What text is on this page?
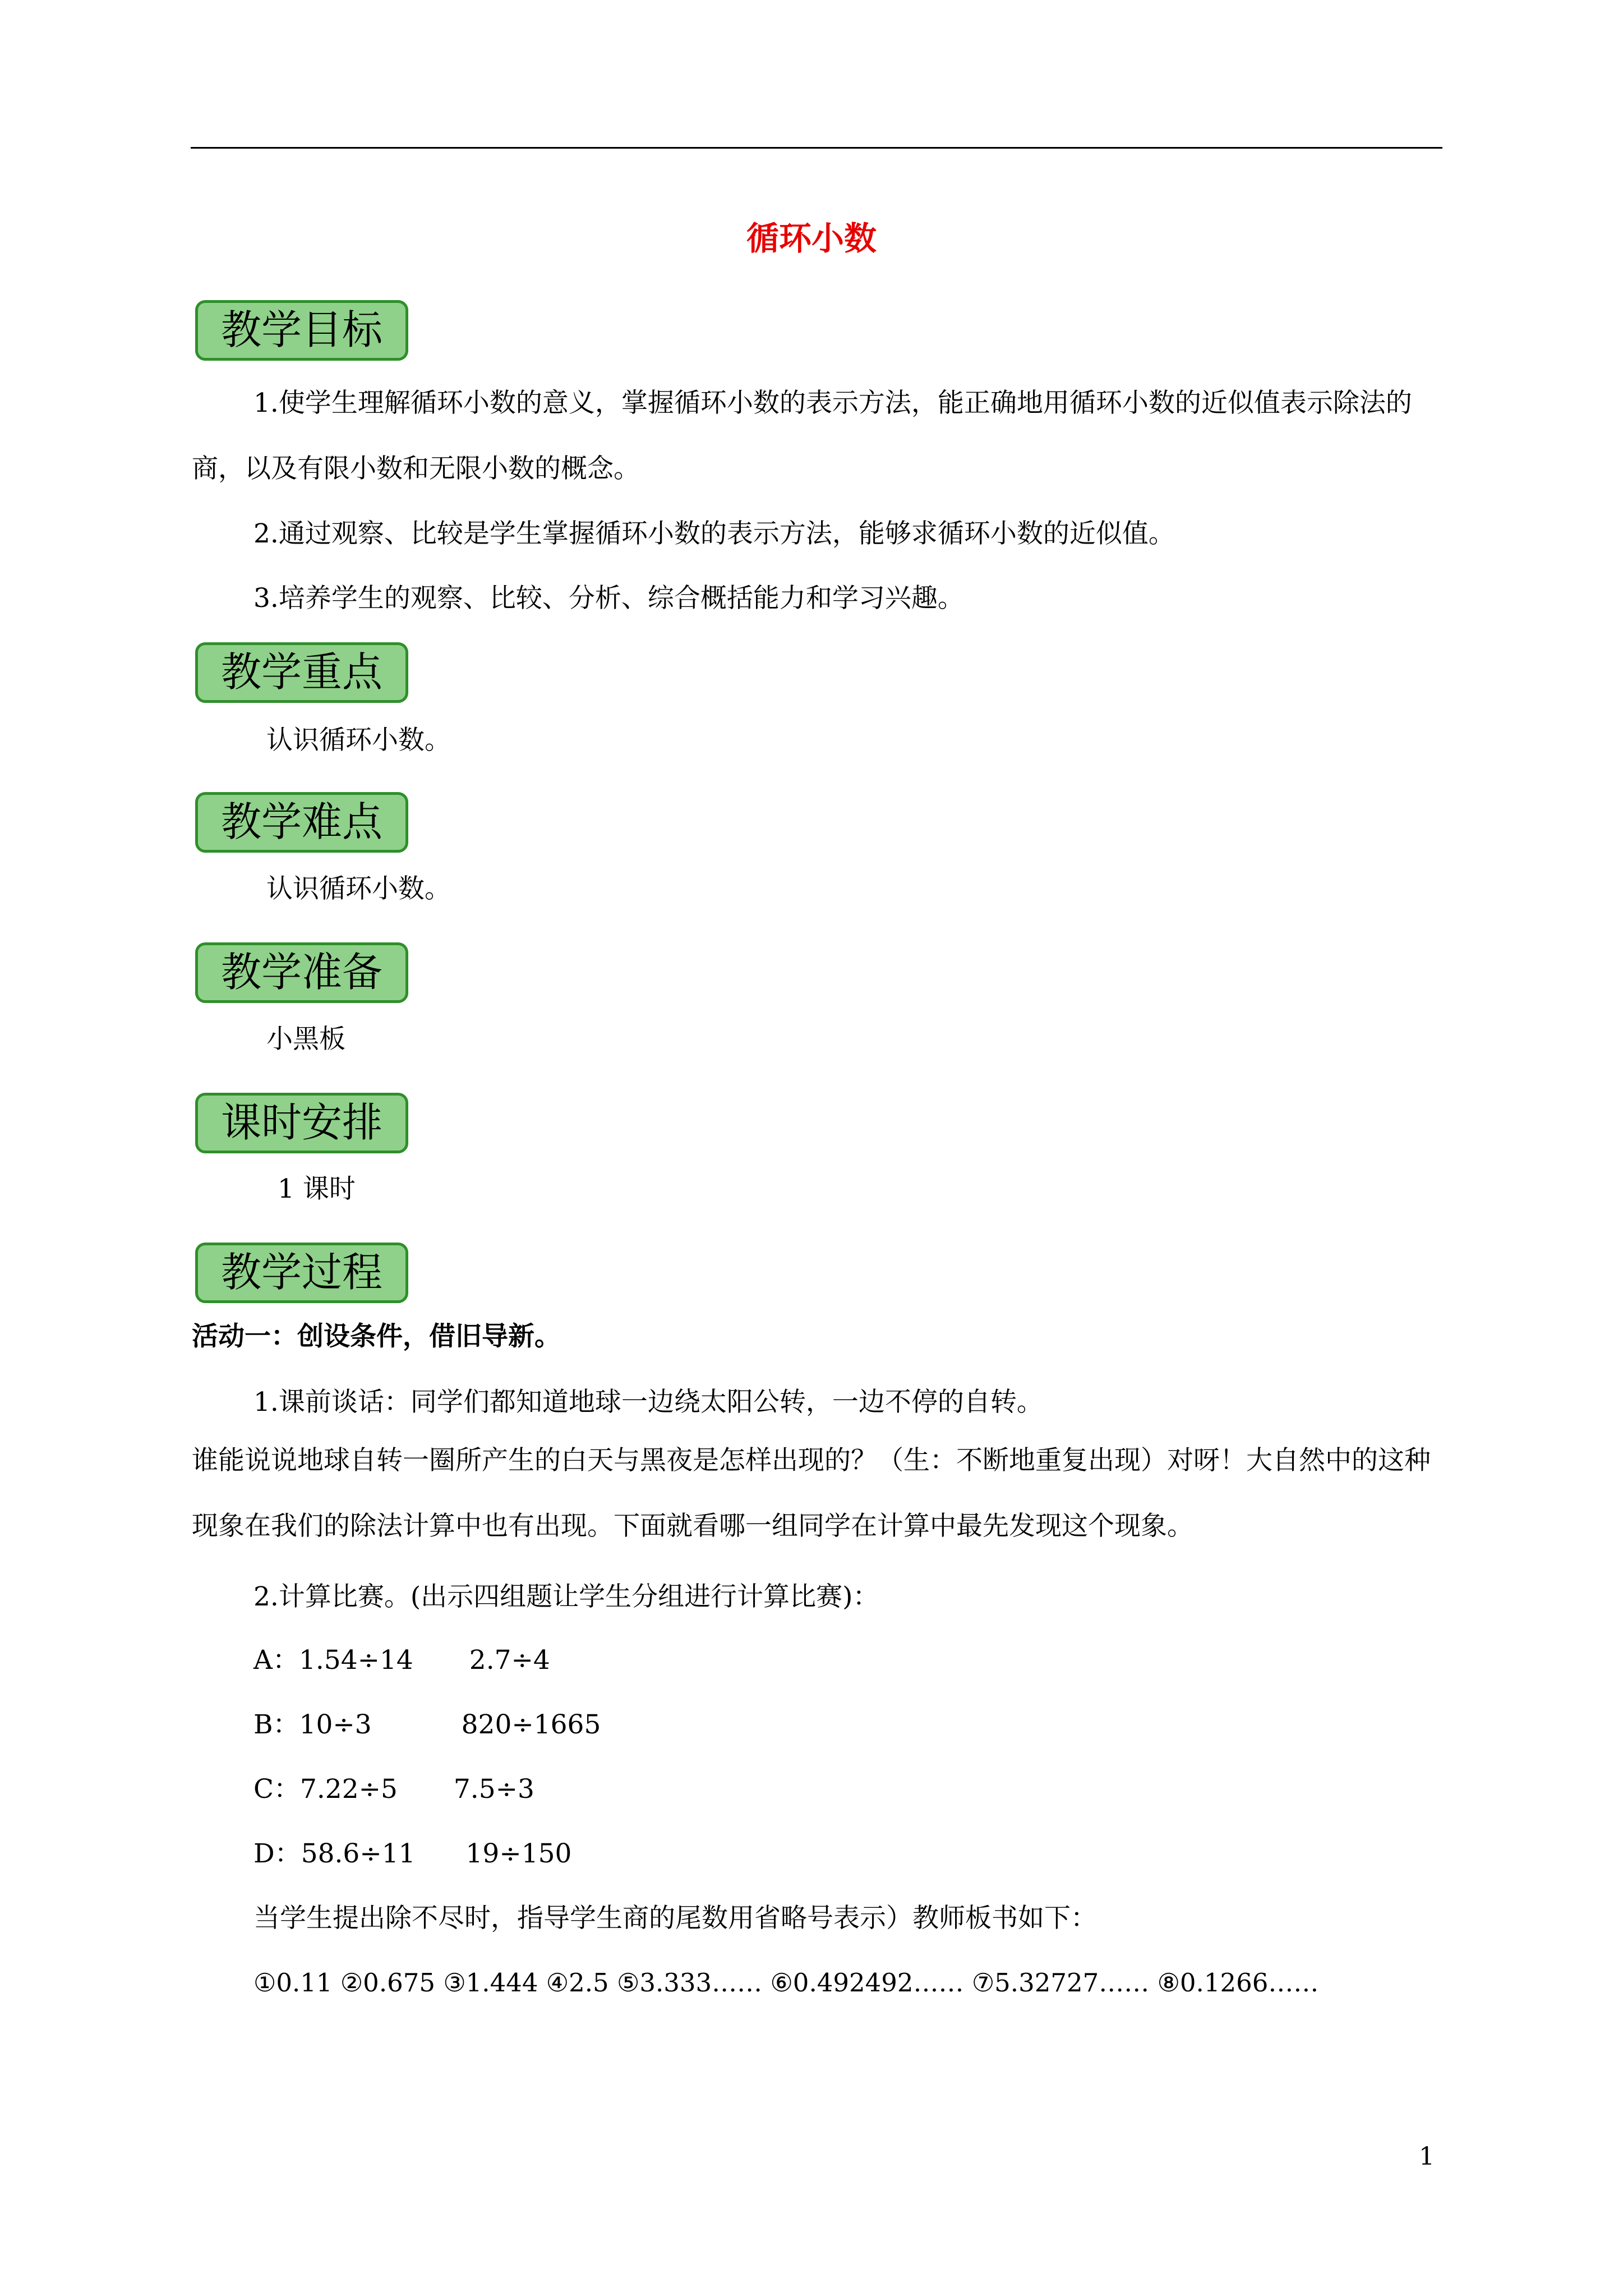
循环小数
教学目标

1.使学生理解循环小数的意义，掌握循环小数的表示方法，能正确地用循环小数的近似值表示除法的商，以及有限小数和无限小数的概念。

2.通过观察、比较是学生掌握循环小数的表示方法，能够求循环小数的近似值。

3.培养学生的观察、比较、分析、综合概括能力和学习兴趣。

教学重点

认识循环小数。

教学难点

认识循环小数。

教学准备

小黑板

课时安排

1 课时

教学过程

活动一：创设条件，借旧导新。

1.课前谈话：同学们都知道地球一边绕太阳公转，一边不停的自转。

谁能说说地球自转一圈所产生的白天与黑夜是怎样出现的？（生：不断地重复出现）对呀！大自然中的这种现象在我们的除法计算中也有出现。下面就看哪一组同学在计算中最先发现这个现象。

2.计算比赛。(出示四组题让学生分组进行计算比赛)：

A：1.54÷14 2.7÷4

B：10÷3	820÷1665

C：7.22÷5 7.5÷3

D：58.6÷11 19÷150

当学生提出除不尽时，指导学生商的尾数用省略号表示）教师板书如下：

①0.11 ②0.675 ③1.444 ④2.5 ⑤3.333…… ⑥0.492492…… ⑦5.32727…… ⑧0.1266……

1
